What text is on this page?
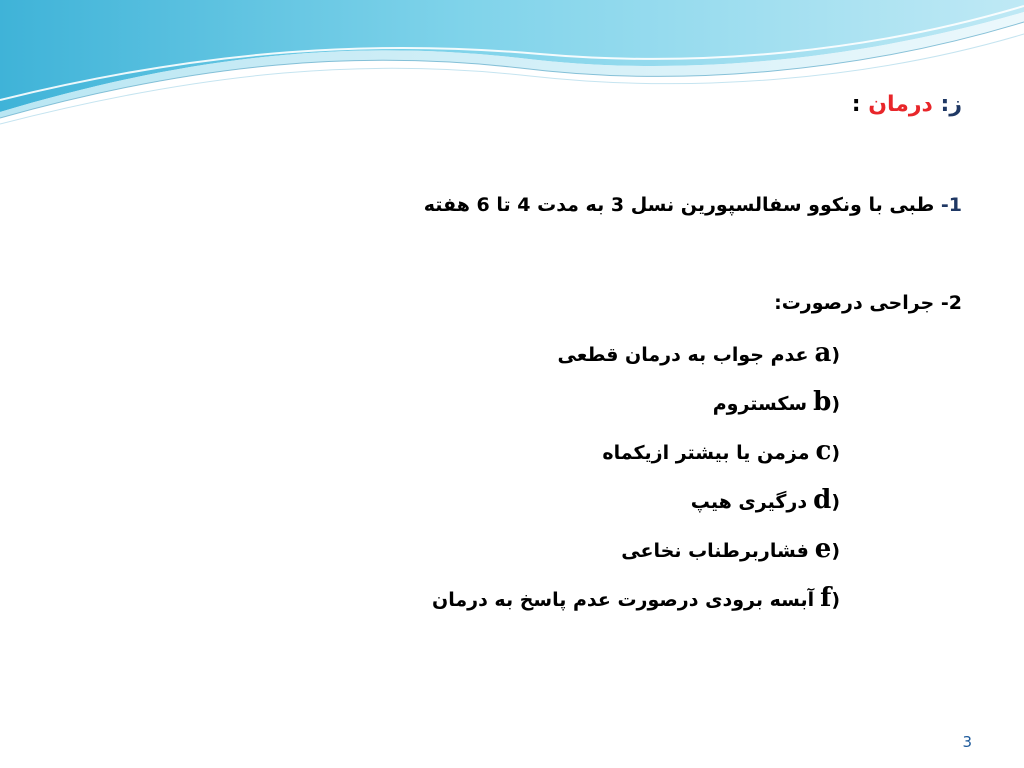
ز: درمان :
1- طبی با ونکوو سفالسپورین نسل 3 به مدت 4 تا 6 هفته
2- جراحی درصورت:
a)عدم جواب به درمان قطعی
b)سکستروم
c)مزمن یا بیشتر ازیکماه
d)درگیری هیپ
e)فشاربرطناب نخاعی
f)آبسه برودی درصورت عدم پاسخ به درمان
3
